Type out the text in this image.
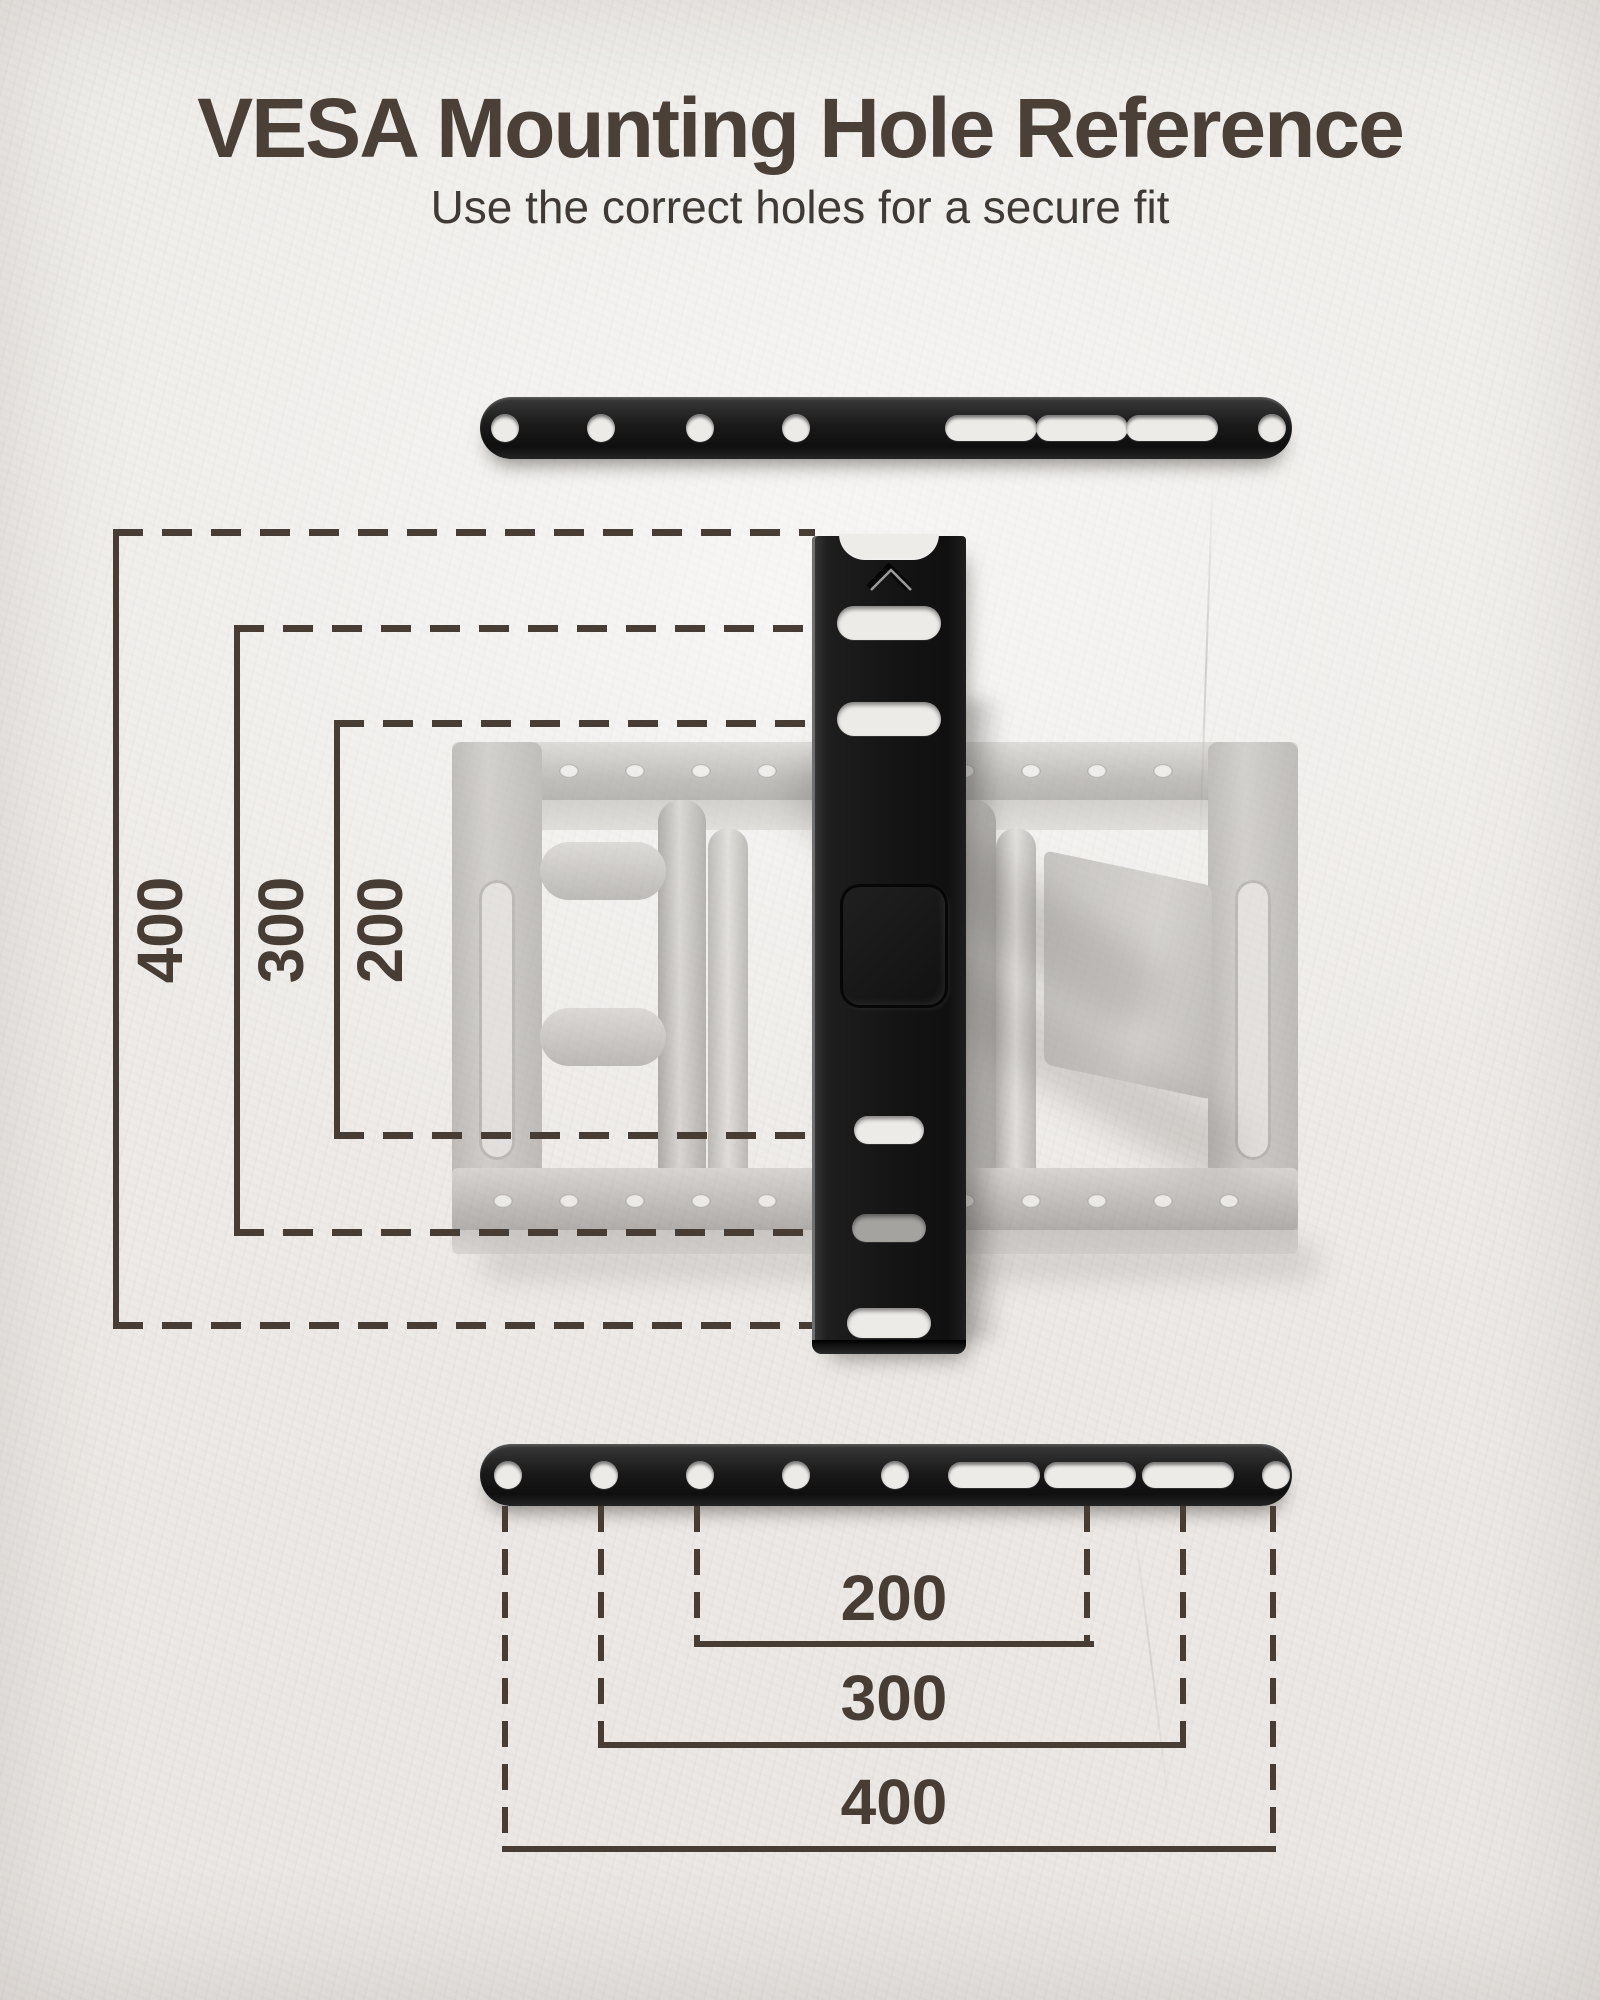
VESA Mounting Hole Reference
Use the correct holes for a secure fit
400 300 200
200
300
400
